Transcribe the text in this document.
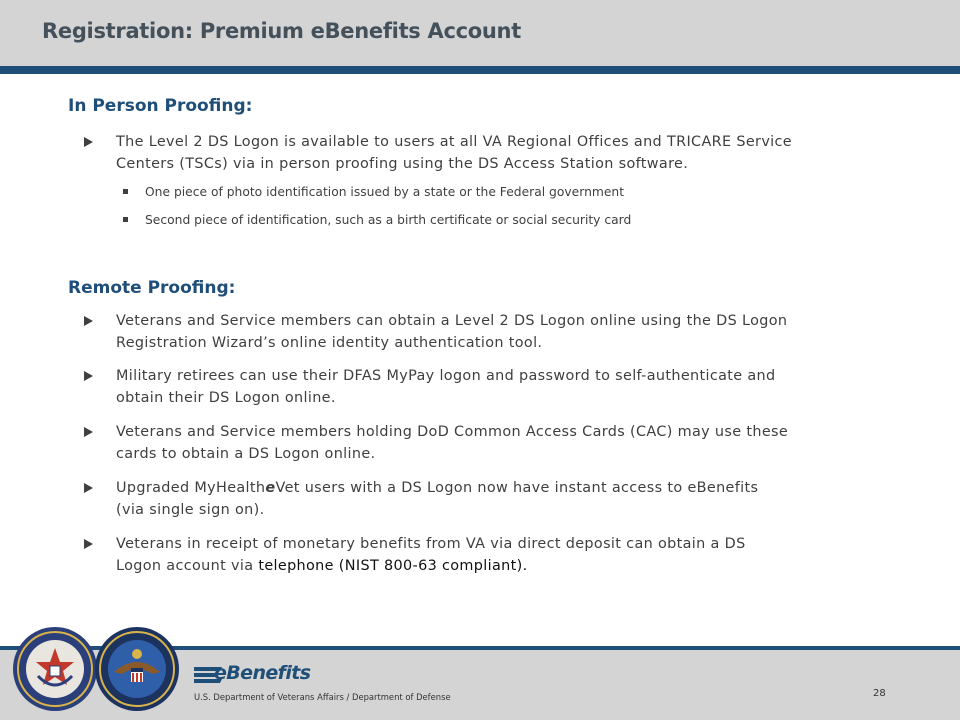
Registration: Premium eBenefits Account
In Person Proofing:
The Level 2 DS Logon is available to users at all VA Regional Offices and TRICARE Service
Centers (TSCs) via in person proofing using the DS Access Station software.
One piece of photo identification issued by a state or the Federal government
Second piece of identification, such as a birth certificate or social security card
Remote Proofing:
Veterans and Service members can obtain a Level 2 DS Logon online using the DS Logon
Registration Wizard’s online identity authentication tool.
Military retirees can use their DFAS MyPay logon and password to self-authenticate and
obtain their DS Logon online.
Veterans and Service members holding DoD Common Access Cards (CAC) may use these
cards to obtain a DS Logon online.
Upgraded MyHealtheVet users with a DS Logon now have instant access to eBenefits
(via single sign on).
Veterans in receipt of monetary benefits from VA via direct deposit can obtain a DS
Logon account via telephone (NIST 800-63 compliant).
eBenefits
U.S. Department of Veterans Affairs / Department of Defense	28
